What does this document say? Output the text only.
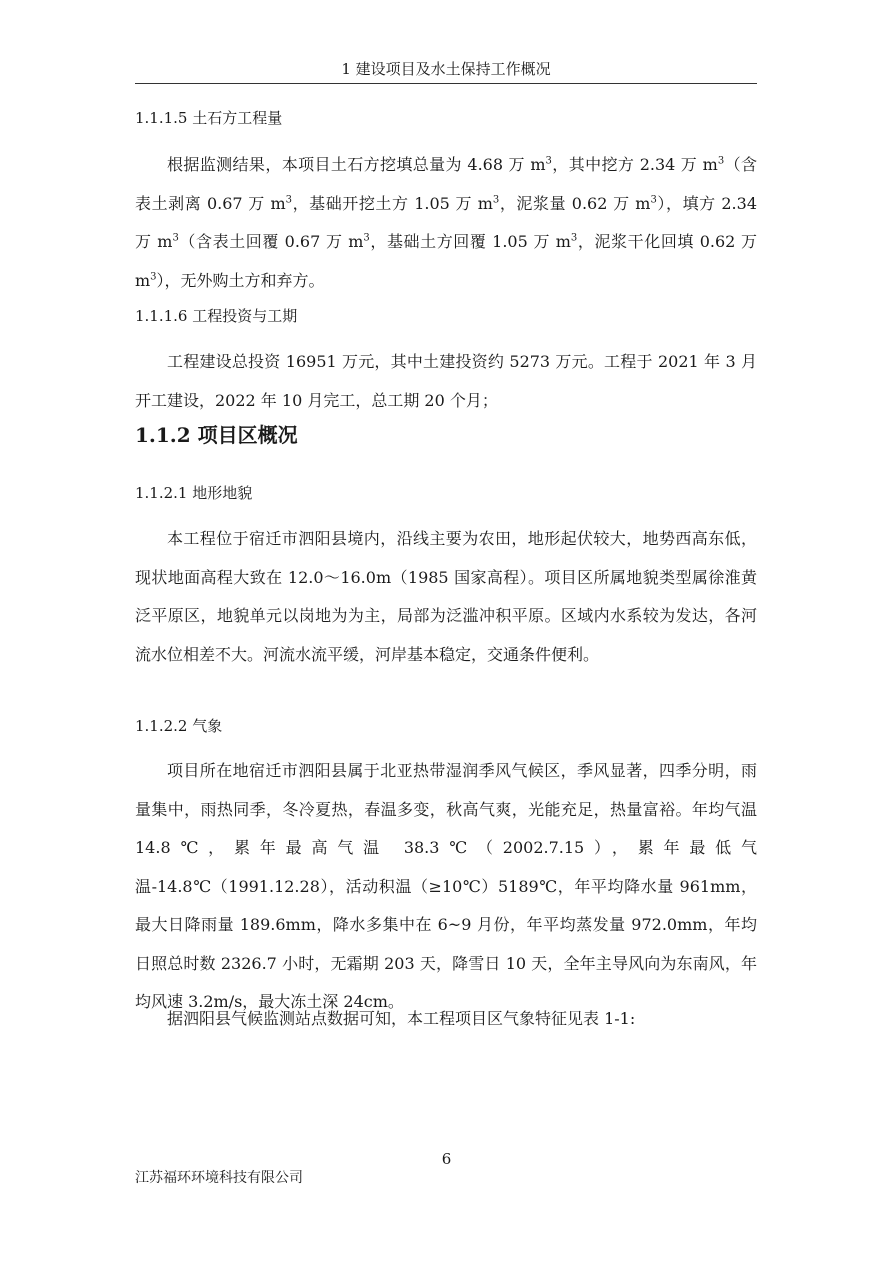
1 建设项目及水土保持工作概况

1.1.1.5 土石方工程量

根据监测结果，本项目土石方挖填总量为 4.68 万 $m^3$，其中挖方 2.34 万 $m^3$（含表土剥离 0.67 万 $m^3$，基础开挖土方 1.05 万 $m^3$，泥浆量 0.62 万 $m^3$），填方 2.34 万 $m^3$（含表土回覆 0.67 万 $m^3$，基础土方回覆 1.05 万 $m^3$，泥浆干化回填 0.62 万 $m^3$），无外购土方和弃方。

1.1.1.6 工程投资与工期

工程建设总投资 16951 万元，其中土建投资约 5273 万元。工程于 2021 年 3 月开工建设，2022 年 10 月完工，总工期 20 个月；

1.1.2 项目区概况

1.1.2.1 地形地貌

本工程位于宿迁市泗阳县境内，沿线主要为农田，地形起伏较大，地势西高东低，现状地面高程大致在 12.0～16.0m（1985 国家高程）。项目区所属地貌类型属徐淮黄泛平原区，地貌单元以岗地为为主，局部为泛滥冲积平原。区域内水系较为发达，各河流水位相差不大。河流水流平缓，河岸基本稳定，交通条件便利。

1.1.2.2 气象

项目所在地宿迁市泗阳县属于北亚热带湿润季风气候区，季风显著，四季分明，雨量集中，雨热同季，冬冷夏热，春温多变，秋高气爽，光能充足，热量富裕。年均气温 14.8℃，累年最高气温 38.3℃（2002.7.15），累年最低气温-14.8℃（1991.12.28），活动积温（≥10℃）5189℃，年平均降水量 961mm，最大日降雨量 189.6mm，降水多集中在 6~9 月份，年平均蒸发量 972.0mm，年均日照总时数 2326.7 小时，无霜期 203 天，降雪日 10 天，全年主导风向为东南风，年均风速 3.2m/s，最大冻土深 24cm。

据泗阳县气候监测站点数据可知，本工程项目区气象特征见表 1-1:

6
江苏福环环境科技有限公司
